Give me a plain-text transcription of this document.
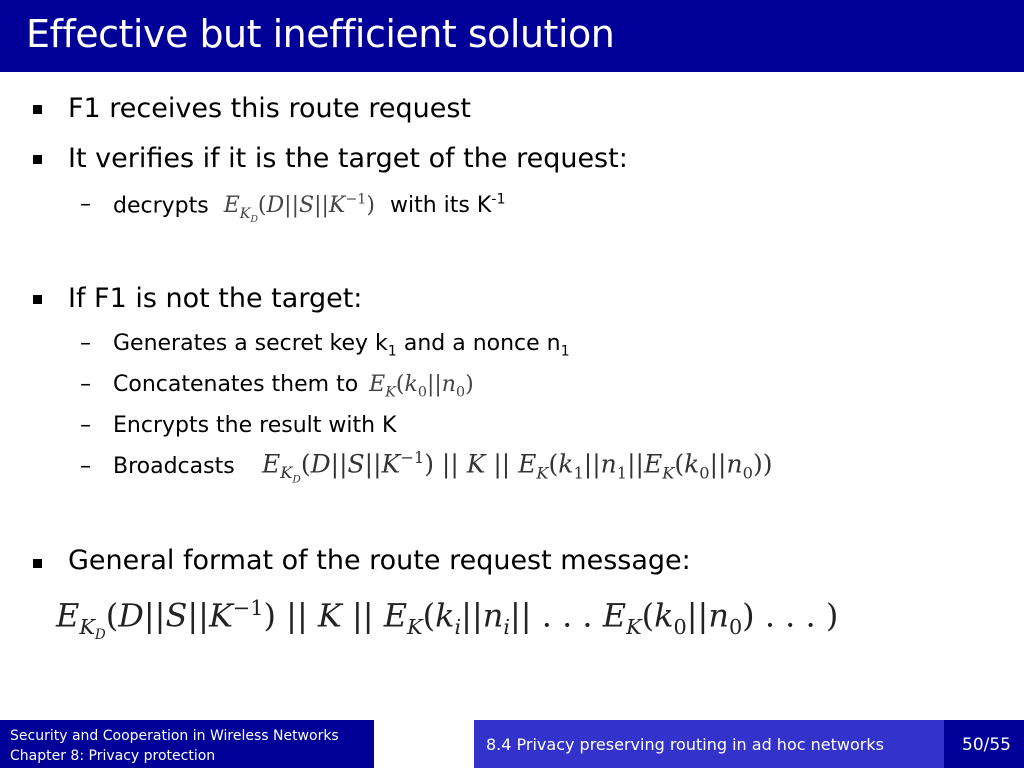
Effective but inefficient solution
F1 receives this route request
It verifies if it is the target of the request:
– decrypts $E_{K_D}(D||S||K^{-1})$ with its $K^{-1}$
If F1 is not the target:
– Generates a secret key $k_1$ and a nonce $n_1$
– Concatenates them to $E_K(k_0||n_0)$
– Encrypts the result with K
– Broadcasts $E_{K_D}(D||S||K^{-1})$ || K || $E_K(k_1||n_1||E_K(k_0||n_0))$
General format of the route request message:
$E_{K_D}(D||S||K^{-1})$ || K || $E_K(k_i||n_i||$ . . . $E_K(k_0||n_0)$ . . . )
Security and Cooperation in Wireless Networks
Chapter 8: Privacy protection
8.4 Privacy preserving routing in ad hoc networks	50/55
